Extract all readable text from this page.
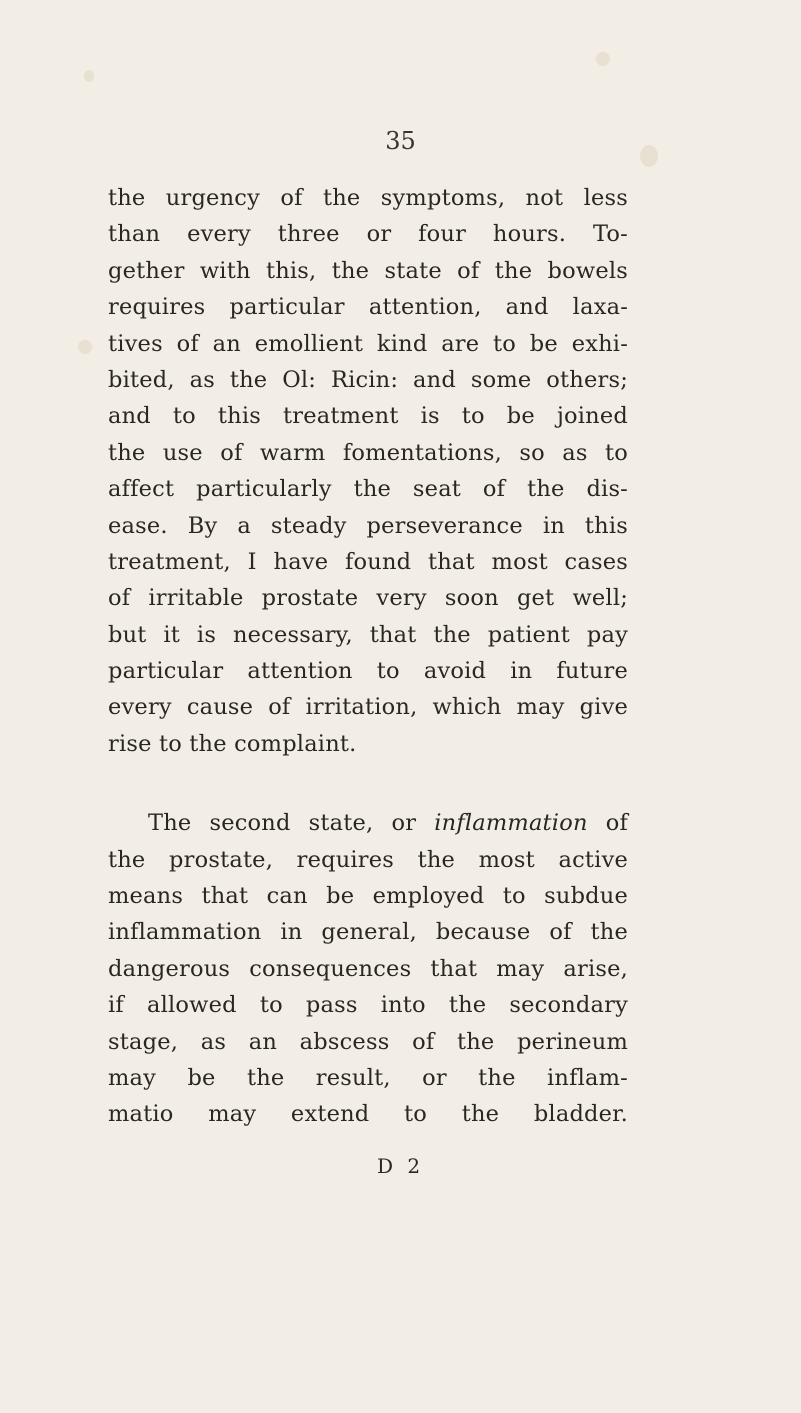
35
the urgency of the symptoms, not less
than every three or four hours. To-
gether with this, the state of the bowels
requires particular attention, and laxa-
tives of an emollient kind are to be exhi-
bited, as the Ol: Ricin: and some others;
and to this treatment is to be joined
the use of warm fomentations, so as to
affect particularly the seat of the dis-
ease. By a steady perseverance in this
treatment, I have found that most cases
of irritable prostate very soon get well;
but it is necessary, that the patient pay
particular attention to avoid in future
every cause of irritation, which may give
rise to the complaint.
The second state, or inflammation of
the prostate, requires the most active
means that can be employed to subdue
inflammation in general, because of the
dangerous consequences that may arise,
if allowed to pass into the secondary
stage, as an abscess of the perineum
may be the result, or the inflam-
matio may extend to the bladder.
D 2
